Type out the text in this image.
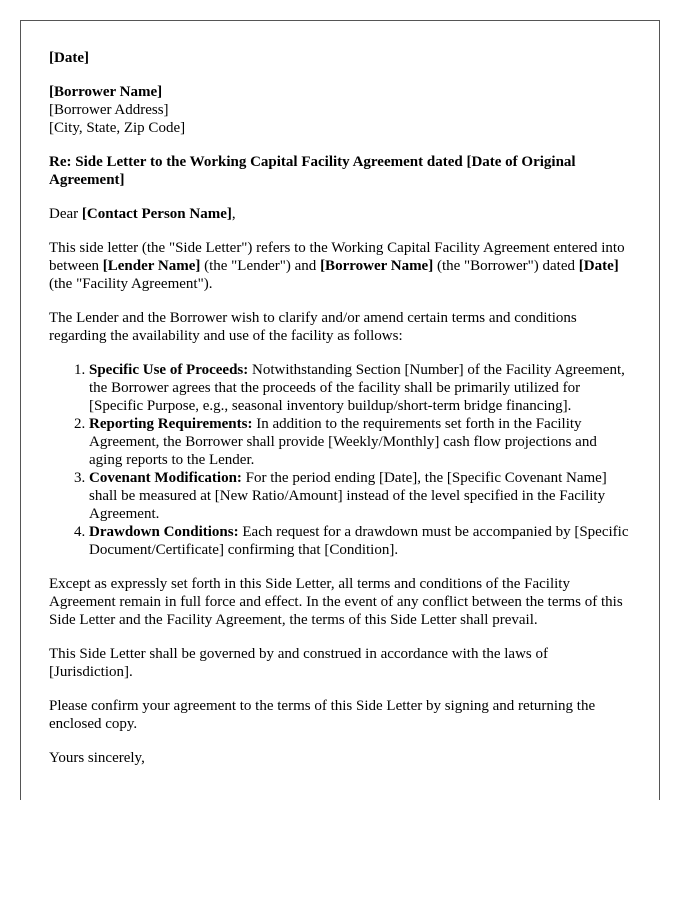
[Date]

[Borrower Name]

[Borrower Address]

[City, State, Zip Code]

Re: Side Letter to the Working Capital Facility Agreement dated [Date of Original Agreement]

Dear [Contact Person Name],

This side letter (the "Side Letter") refers to the Working Capital Facility Agreement entered into between [Lender Name] (the "Lender") and [Borrower Name] (the "Borrower") dated [Date] (the "Facility Agreement").

The Lender and the Borrower wish to clarify and/or amend certain terms and conditions regarding the availability and use of the facility as follows:

1. Specific Use of Proceeds: Notwithstanding Section [Number] of the Facility Agreement, the Borrower agrees that the proceeds of the facility shall be primarily utilized for [Specific Purpose, e.g., seasonal inventory buildup/short-term bridge financing].
2. Reporting Requirements: In addition to the requirements set forth in the Facility Agreement, the Borrower shall provide [Weekly/Monthly] cash flow projections and aging reports to the Lender.
3. Covenant Modification: For the period ending [Date], the [Specific Covenant Name] shall be measured at [New Ratio/Amount] instead of the level specified in the Facility Agreement.
4. Drawdown Conditions: Each request for a drawdown must be accompanied by [Specific Document/Certificate] confirming that [Condition].

Except as expressly set forth in this Side Letter, all terms and conditions of the Facility Agreement remain in full force and effect. In the event of any conflict between the terms of this Side Letter and the Facility Agreement, the terms of this Side Letter shall prevail.

This Side Letter shall be governed by and construed in accordance with the laws of [Jurisdiction].

Please confirm your agreement to the terms of this Side Letter by signing and returning the enclosed copy.

Yours sincerely,
